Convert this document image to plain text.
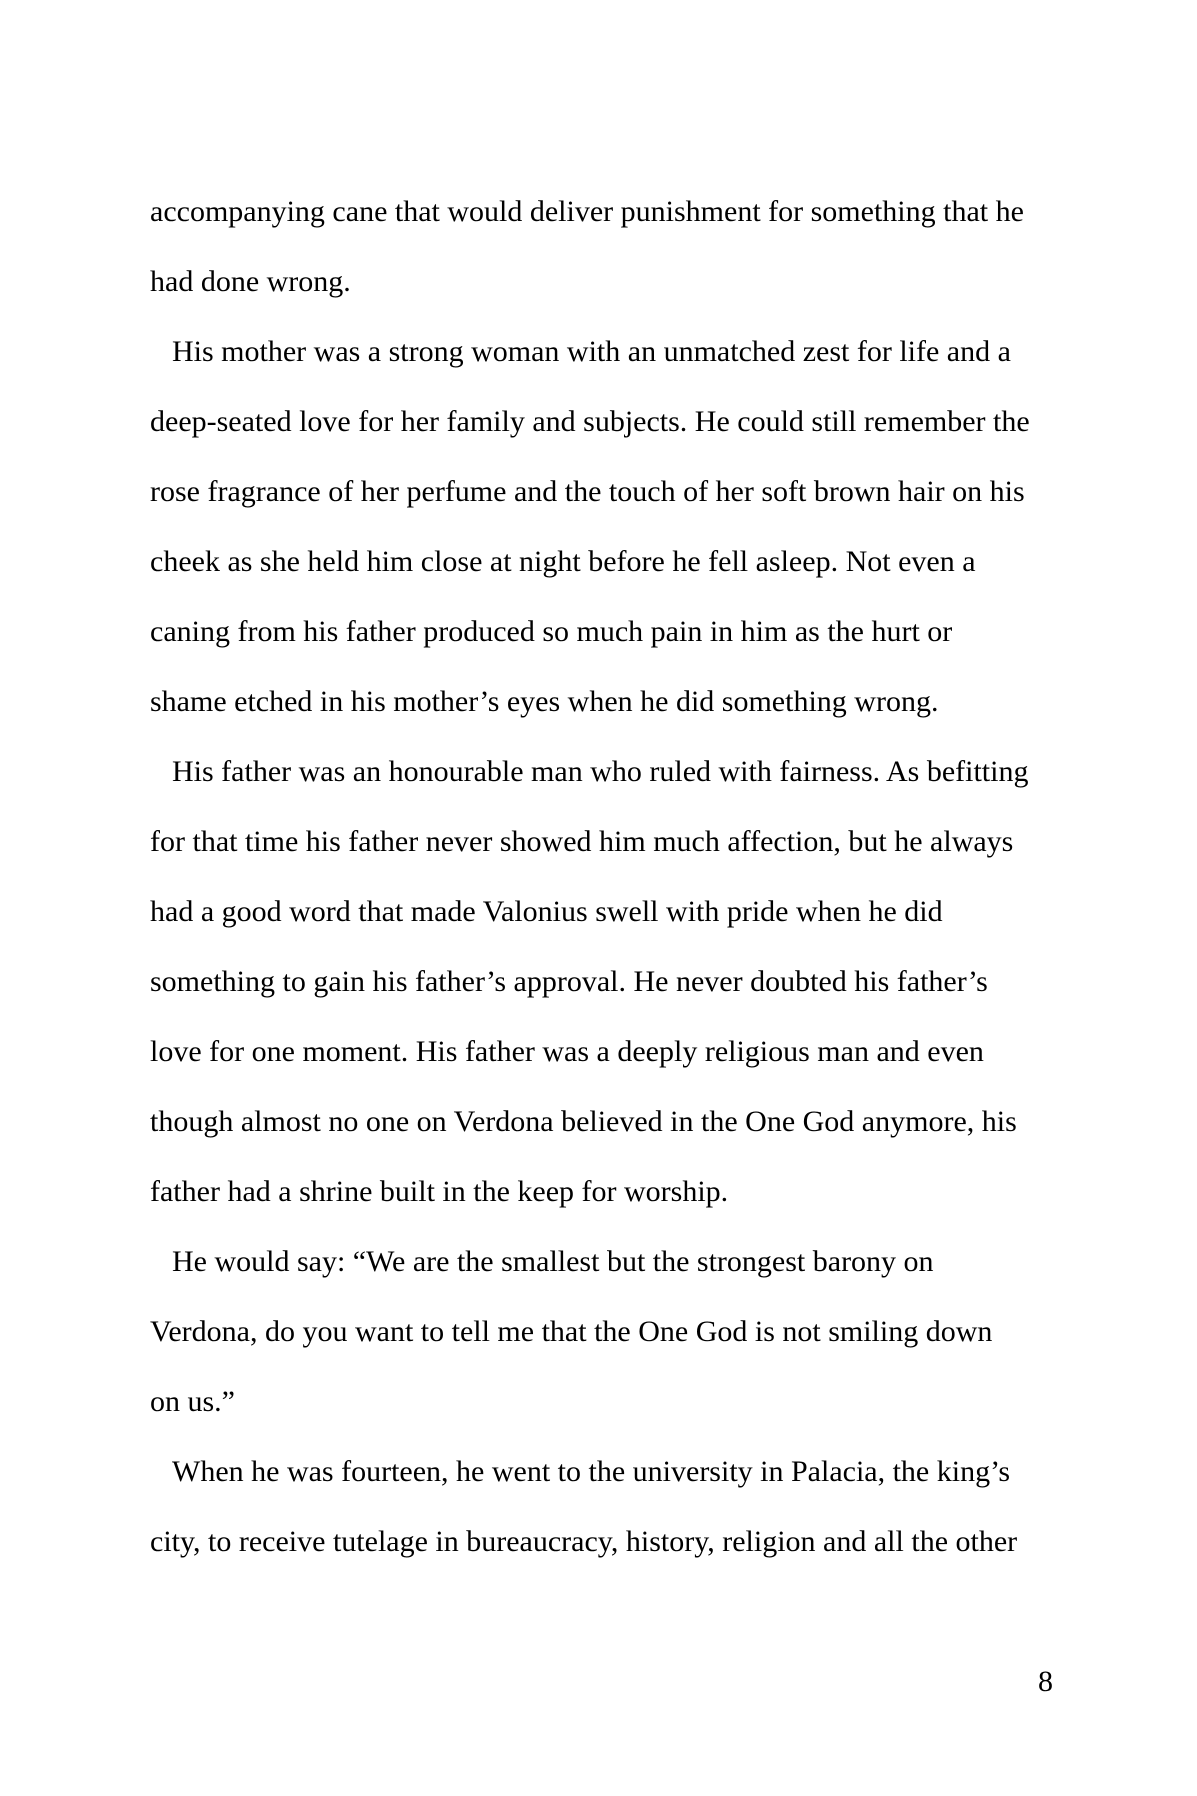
accompanying cane that would deliver punishment for something that he
had done wrong.
His mother was a strong woman with an unmatched zest for life and a
deep-seated love for her family and subjects. He could still remember the
rose fragrance of her perfume and the touch of her soft brown hair on his
cheek as she held him close at night before he fell asleep. Not even a
caning from his father produced so much pain in him as the hurt or
shame etched in his mother’s eyes when he did something wrong.
His father was an honourable man who ruled with fairness. As befitting
for that time his father never showed him much affection, but he always
had a good word that made Valonius swell with pride when he did
something to gain his father’s approval. He never doubted his father’s
love for one moment. His father was a deeply religious man and even
though almost no one on Verdona believed in the One God anymore, his
father had a shrine built in the keep for worship.
He would say: “We are the smallest but the strongest barony on
Verdona, do you want to tell me that the One God is not smiling down
on us.”
When he was fourteen, he went to the university in Palacia, the king’s
city, to receive tutelage in bureaucracy, history, religion and all the other
8
